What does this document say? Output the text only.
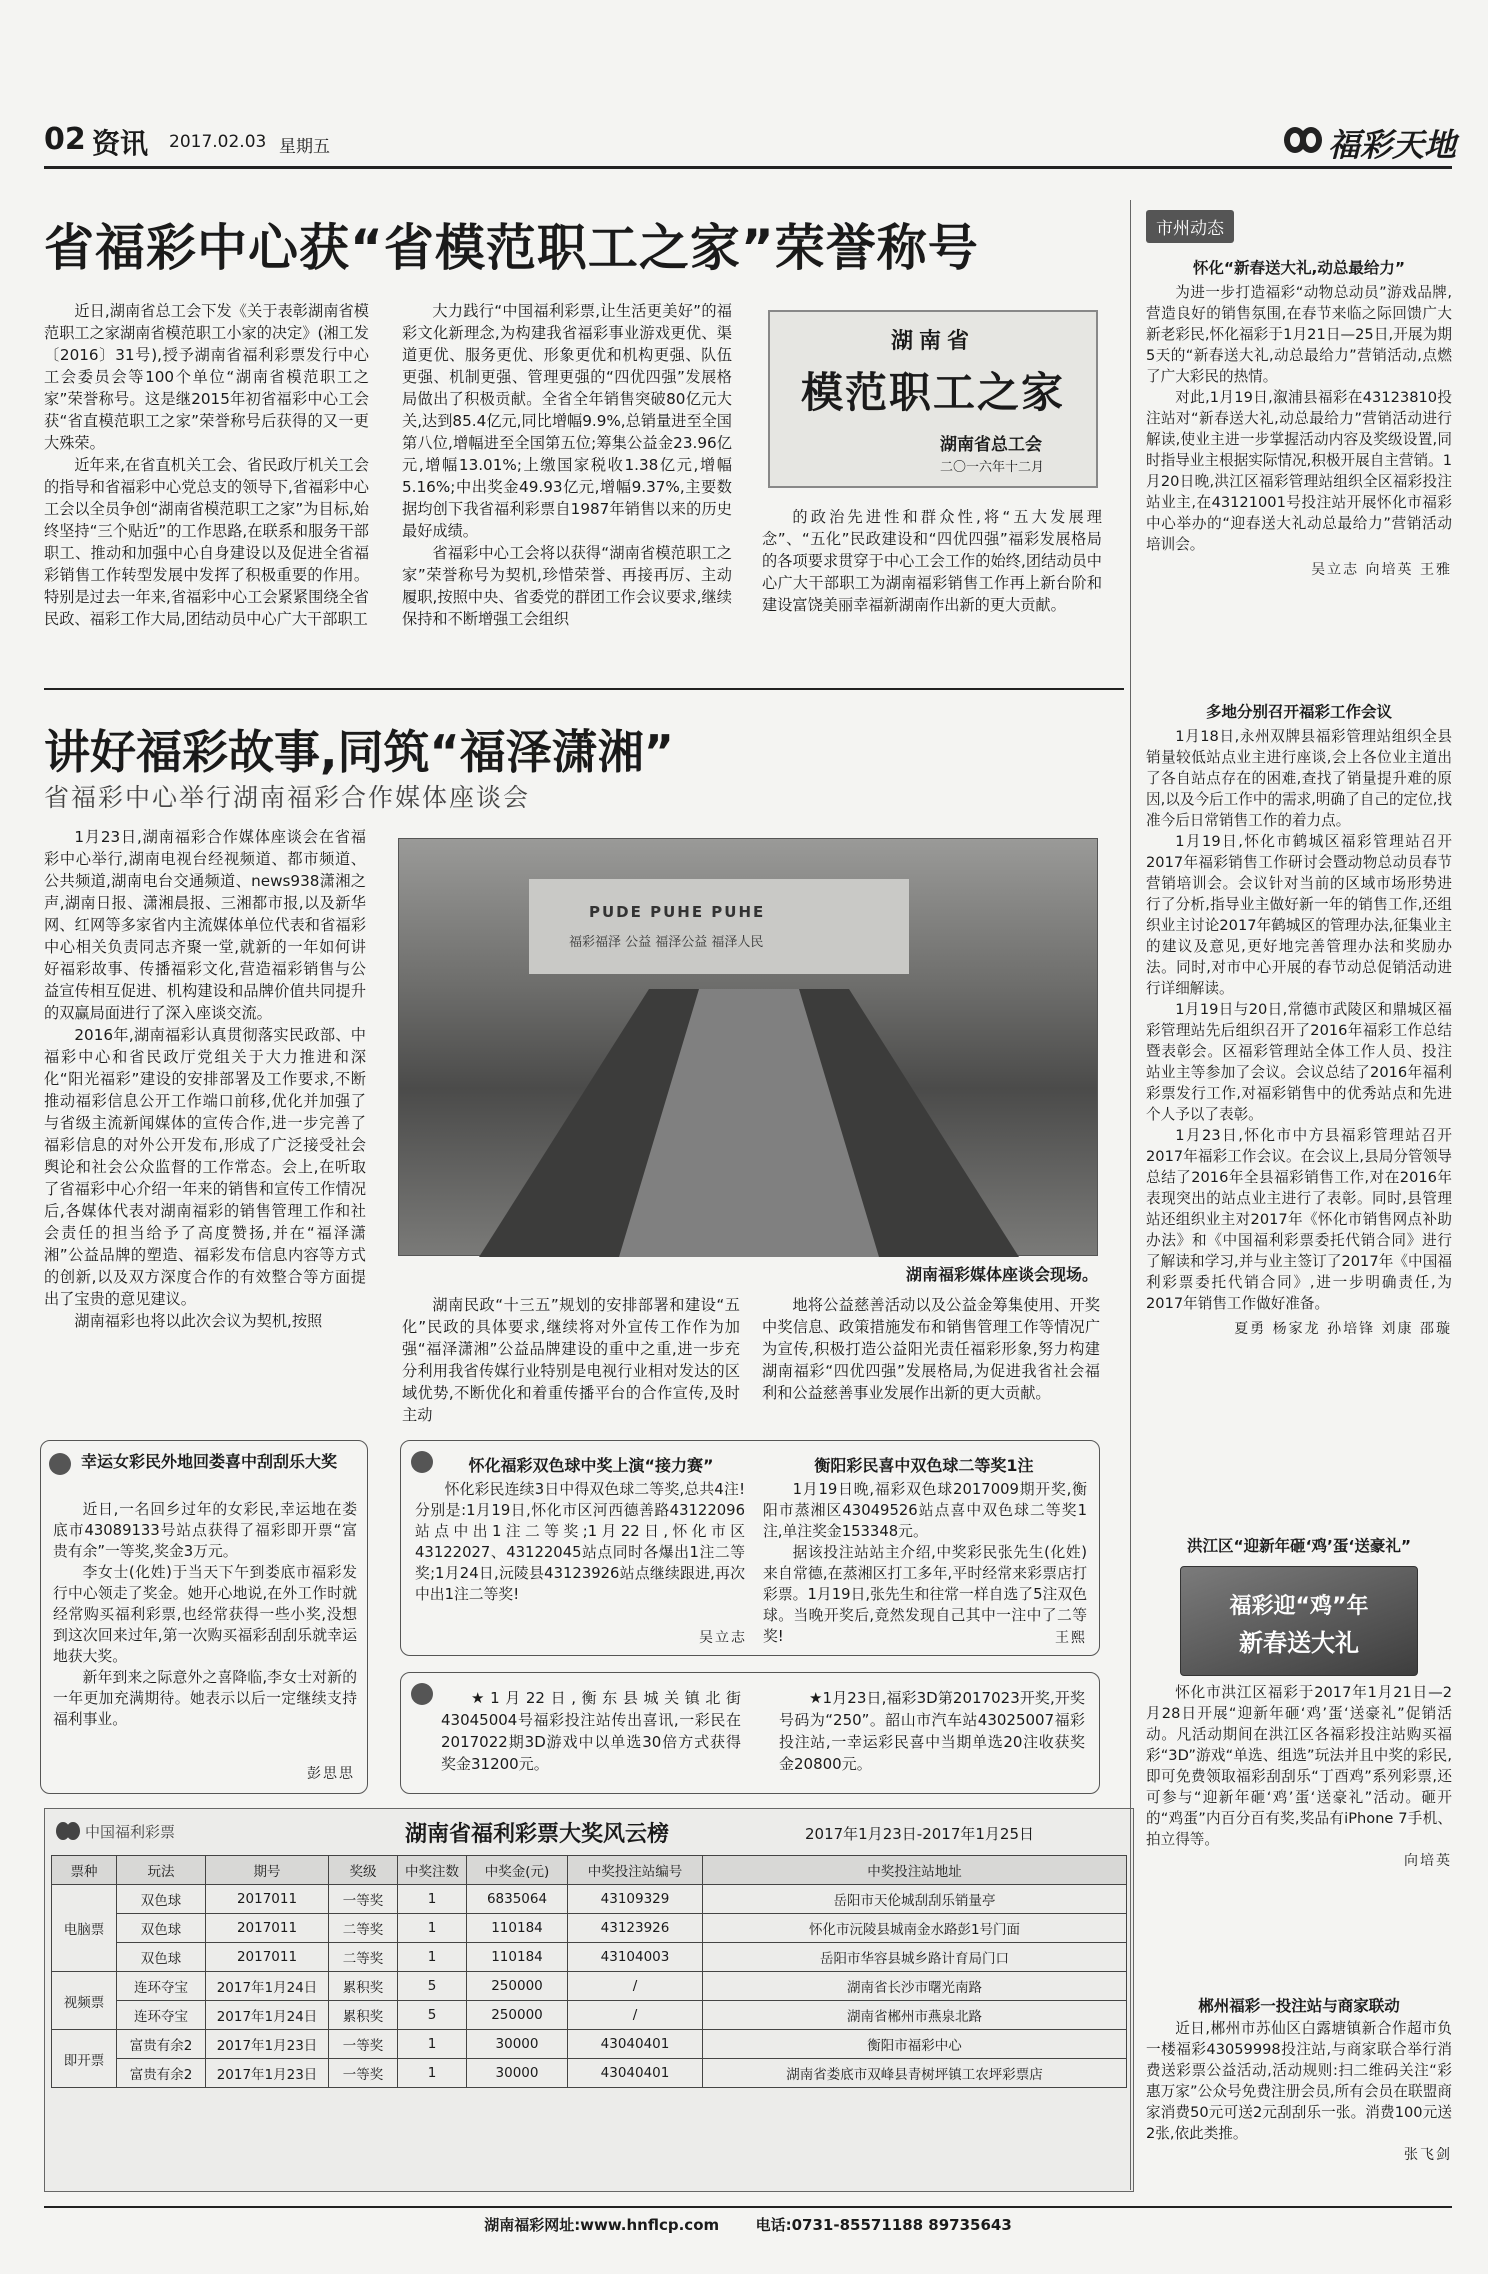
02 资讯 2017.02.03 星期五	福彩天地
省福彩中心获“省模范职工之家”荣誉称号

近日,湖南省总工会下发《关于表彰湖南省模范职工之家湖南省模范职工小家的决定》(湘工发〔2016〕31号),授予湖南省福利彩票发行中心工会委员会等100个单位“湖南省模范职工之家”荣誉称号。这是继2015年初省福彩中心工会获“省直模范职工之家”荣誉称号后获得的又一更大殊荣。

近年来,在省直机关工会、省民政厅机关工会的指导和省福彩中心党总支的领导下,省福彩中心工会以全员争创“湖南省模范职工之家”为目标,始终坚持“三个贴近”的工作思路,在联系和服务干部职工、推动和加强中心自身建设以及促进全省福彩销售工作转型发展中发挥了积极重要的作用。特别是过去一年来,省福彩中心工会紧紧围绕全省民政、福彩工作大局,团结动员中心广大干部职工

大力践行“中国福利彩票,让生活更美好”的福彩文化新理念,为构建我省福彩事业游戏更优、渠道更优、服务更优、形象更优和机构更强、队伍更强、机制更强、管理更强的“四优四强”发展格局做出了积极贡献。全省全年销售突破80亿元大关,达到85.4亿元,同比增幅9.9%,总销量进至全国第八位,增幅进至全国第五位;筹集公益金23.96亿元,增幅13.01%;上缴国家税收1.38亿元,增幅5.16%;中出奖金49.93亿元,增幅9.37%,主要数据均创下我省福利彩票自1987年销售以来的历史最好成绩。

省福彩中心工会将以获得“湖南省模范职工之家”荣誉称号为契机,珍惜荣誉、再接再厉、主动履职,按照中央、省委党的群团工作会议要求,继续保持和不断增强工会组织

湖南省
模范职工之家
湖南省总工会
二〇一六年十二月

的政治先进性和群众性,将“五大发展理念”、“五化”民政建设和“四优四强”福彩发展格局的各项要求贯穿于中心工会工作的始终,团结动员中心广大干部职工为湖南福彩销售工作再上新台阶和建设富饶美丽幸福新湖南作出新的更大贡献。

讲好福彩故事,同筑“福泽潇湘”
省福彩中心举行湖南福彩合作媒体座谈会

1月23日,湖南福彩合作媒体座谈会在省福彩中心举行,湖南电视台经视频道、都市频道、公共频道,湖南电台交通频道、news938潇湘之声,湖南日报、潇湘晨报、三湘都市报,以及新华网、红网等多家省内主流媒体单位代表和省福彩中心相关负责同志齐聚一堂,就新的一年如何讲好福彩故事、传播福彩文化,营造福彩销售与公益宣传相互促进、机构建设和品牌价值共同提升的双赢局面进行了深入座谈交流。

2016年,湖南福彩认真贯彻落实民政部、中福彩中心和省民政厅党组关于大力推进和深化“阳光福彩”建设的安排部署及工作要求,不断推动福彩信息公开工作端口前移,优化并加强了与省级主流新闻媒体的宣传合作,进一步完善了福彩信息的对外公开发布,形成了广泛接受社会舆论和社会公众监督的工作常态。会上,在听取了省福彩中心介绍一年来的销售和宣传工作情况后,各媒体代表对湖南福彩的销售管理工作和社会责任的担当给予了高度赞扬,并在“福泽潇湘”公益品牌的塑造、福彩发布信息内容等方式的创新,以及双方深度合作的有效整合等方面提出了宝贵的意见建议。

湖南福彩也将以此次会议为契机,按照

PUDE PUHE PUHE
福彩福泽 公益 福泽公益 福泽人民
湖南福彩媒体座谈会现场。

湖南民政“十三五”规划的安排部署和建设“五化”民政的具体要求,继续将对外宣传工作作为加强“福泽潇湘”公益品牌建设的重中之重,进一步充分利用我省传媒行业特别是电视行业相对发达的区域优势,不断优化和着重传播平台的合作宣传,及时主动

地将公益慈善活动以及公益金筹集使用、开奖中奖信息、政策措施发布和销售管理工作等情况广为宣传,积极打造公益阳光责任福彩形象,努力构建湖南福彩“四优四强”发展格局,为促进我省社会福利和公益慈善事业发展作出新的更大贡献。

幸运女彩民外地回娄喜中刮刮乐大奖

近日,一名回乡过年的女彩民,幸运地在娄底市43089133号站点获得了福彩即开票“富贵有余”一等奖,奖金3万元。

李女士(化姓)于当天下午到娄底市福彩发行中心领走了奖金。她开心地说,在外工作时就经常购买福利彩票,也经常获得一些小奖,没想到这次回来过年,第一次购买福彩刮刮乐就幸运地获大奖。

新年到来之际意外之喜降临,李女士对新的一年更加充满期待。她表示以后一定继续支持福利事业。

彭思思
怀化福彩双色球中奖上演“接力赛”

怀化彩民连续3日中得双色球二等奖,总共4注!分别是:1月19日,怀化市区河西德善路43122096站点中出1注二等奖;1月22日,怀化市区43122027、43122045站点同时各爆出1注二等奖;1月24日,沅陵县43123926站点继续跟进,再次中出1注二等奖!

吴立志
衡阳彩民喜中双色球二等奖1注

1月19日晚,福彩双色球2017009期开奖,衡阳市蒸湘区43049526站点喜中双色球二等奖1注,单注奖金153348元。

据该投注站站主介绍,中奖彩民张先生(化姓)来自常德,在蒸湘区打工多年,平时经常来彩票店打彩票。1月19日,张先生和往常一样自选了5注双色球。当晚开奖后,竟然发现自己其中一注中了二等奖!	王熙

★1月22日,衡东县城关镇北街43045004号福彩投注站传出喜讯,一彩民在2017022期3D游戏中以单选30倍方式获得奖金31200元。

★1月23日,福彩3D第2017023开奖,开奖号码为“250”。韶山市汽车站43025007福彩投注站,一幸运彩民喜中当期单选20注收获奖金20800元。

中国福利彩票	湖南省福利彩票大奖风云榜	2017年1月23日-2017年1月25日
票种	玩法	期号	奖级	中奖注数	中奖金(元)	中奖投注站编号	中奖投注站地址
电脑票	双色球	2017011	一等奖	1	6835064	43109329	岳阳市天伦城刮刮乐销量亭
	双色球	2017011	二等奖	1	110184	43123926	怀化市沅陵县城南金水路彭1号门面
	双色球	2017011	二等奖	1	110184	43104003	岳阳市华容县城乡路计育局门口
视频票	连环夺宝	2017年1月24日	累积奖	5	250000	/	湖南省长沙市曙光南路
	连环夺宝	2017年1月24日	累积奖	5	250000	/	湖南省郴州市燕泉北路
即开票	富贵有余2	2017年1月23日	一等奖	1	30000	43040401	衡阳市福彩中心
	富贵有余2	2017年1月23日	一等奖	1	30000	43040401	湖南省娄底市双峰县青树坪镇工农坪彩票店
市州动态
怀化“新春送大礼,动总最给力”

为进一步打造福彩“动物总动员”游戏品牌,营造良好的销售氛围,在春节来临之际回馈广大新老彩民,怀化福彩于1月21日—25日,开展为期5天的“新春送大礼,动总最给力”营销活动,点燃了广大彩民的热情。

对此,1月19日,溆浦县福彩在43123810投注站对“新春送大礼,动总最给力”营销活动进行解读,使业主进一步掌握活动内容及奖级设置,同时指导业主根据实际情况,积极开展自主营销。1月20日晚,洪江区福彩管理站组织全区福彩投注站业主,在43121001号投注站开展怀化市福彩中心举办的“迎春送大礼动总最给力”营销活动培训会。

吴立志 向培英 王雅
多地分别召开福彩工作会议

1月18日,永州双牌县福彩管理站组织全县销量较低站点业主进行座谈,会上各位业主道出了各自站点存在的困难,查找了销量提升难的原因,以及今后工作中的需求,明确了自己的定位,找准今后日常销售工作的着力点。

1月19日,怀化市鹤城区福彩管理站召开2017年福彩销售工作研讨会暨动物总动员春节营销培训会。会议针对当前的区域市场形势进行了分析,指导业主做好新一年的销售工作,还组织业主讨论2017年鹤城区的管理办法,征集业主的建议及意见,更好地完善管理办法和奖励办法。同时,对市中心开展的春节动总促销活动进行详细解读。

1月19日与20日,常德市武陵区和鼎城区福彩管理站先后组织召开了2016年福彩工作总结暨表彰会。区福彩管理站全体工作人员、投注站业主等参加了会议。会议总结了2016年福利彩票发行工作,对福彩销售中的优秀站点和先进个人予以了表彰。

1月23日,怀化市中方县福彩管理站召开2017年福彩工作会议。在会议上,县局分管领导总结了2016年全县福彩销售工作,对在2016年表现突出的站点业主进行了表彰。同时,县管理站还组织业主对2017年《怀化市销售网点补助办法》和《中国福利彩票委托代销合同》进行了解读和学习,并与业主签订了2017年《中国福利彩票委托代销合同》,进一步明确责任,为2017年销售工作做好准备。

夏勇 杨家龙 孙培锋 刘康 邵璇
洪江区“迎新年砸‘鸡’蛋‘送豪礼”
福彩迎“鸡”年
新春送大礼

怀化市洪江区福彩于2017年1月21日—2月28日开展“迎新年砸‘鸡’蛋‘送豪礼”促销活动。凡活动期间在洪江区各福彩投注站购买福彩“3D”游戏“单选、组选”玩法并且中奖的彩民,即可免费领取福彩刮刮乐“丁酉鸡”系列彩票,还可参与“迎新年砸‘鸡’蛋‘送豪礼”活动。砸开的“鸡蛋”内百分百有奖,奖品有iPhone 7手机、拍立得等。

向培英
郴州福彩一投注站与商家联动

近日,郴州市苏仙区白露塘镇新合作超市负一楼福彩43059998投注站,与商家联合举行消费送彩票公益活动,活动规则:扫二维码关注“彩惠万家”公众号免费注册会员,所有会员在联盟商家消费50元可送2元刮刮乐一张。消费100元送2张,依此类推。

张飞剑
湖南福彩网址:www.hnflcp.com 电话:0731-85571188 89735643
